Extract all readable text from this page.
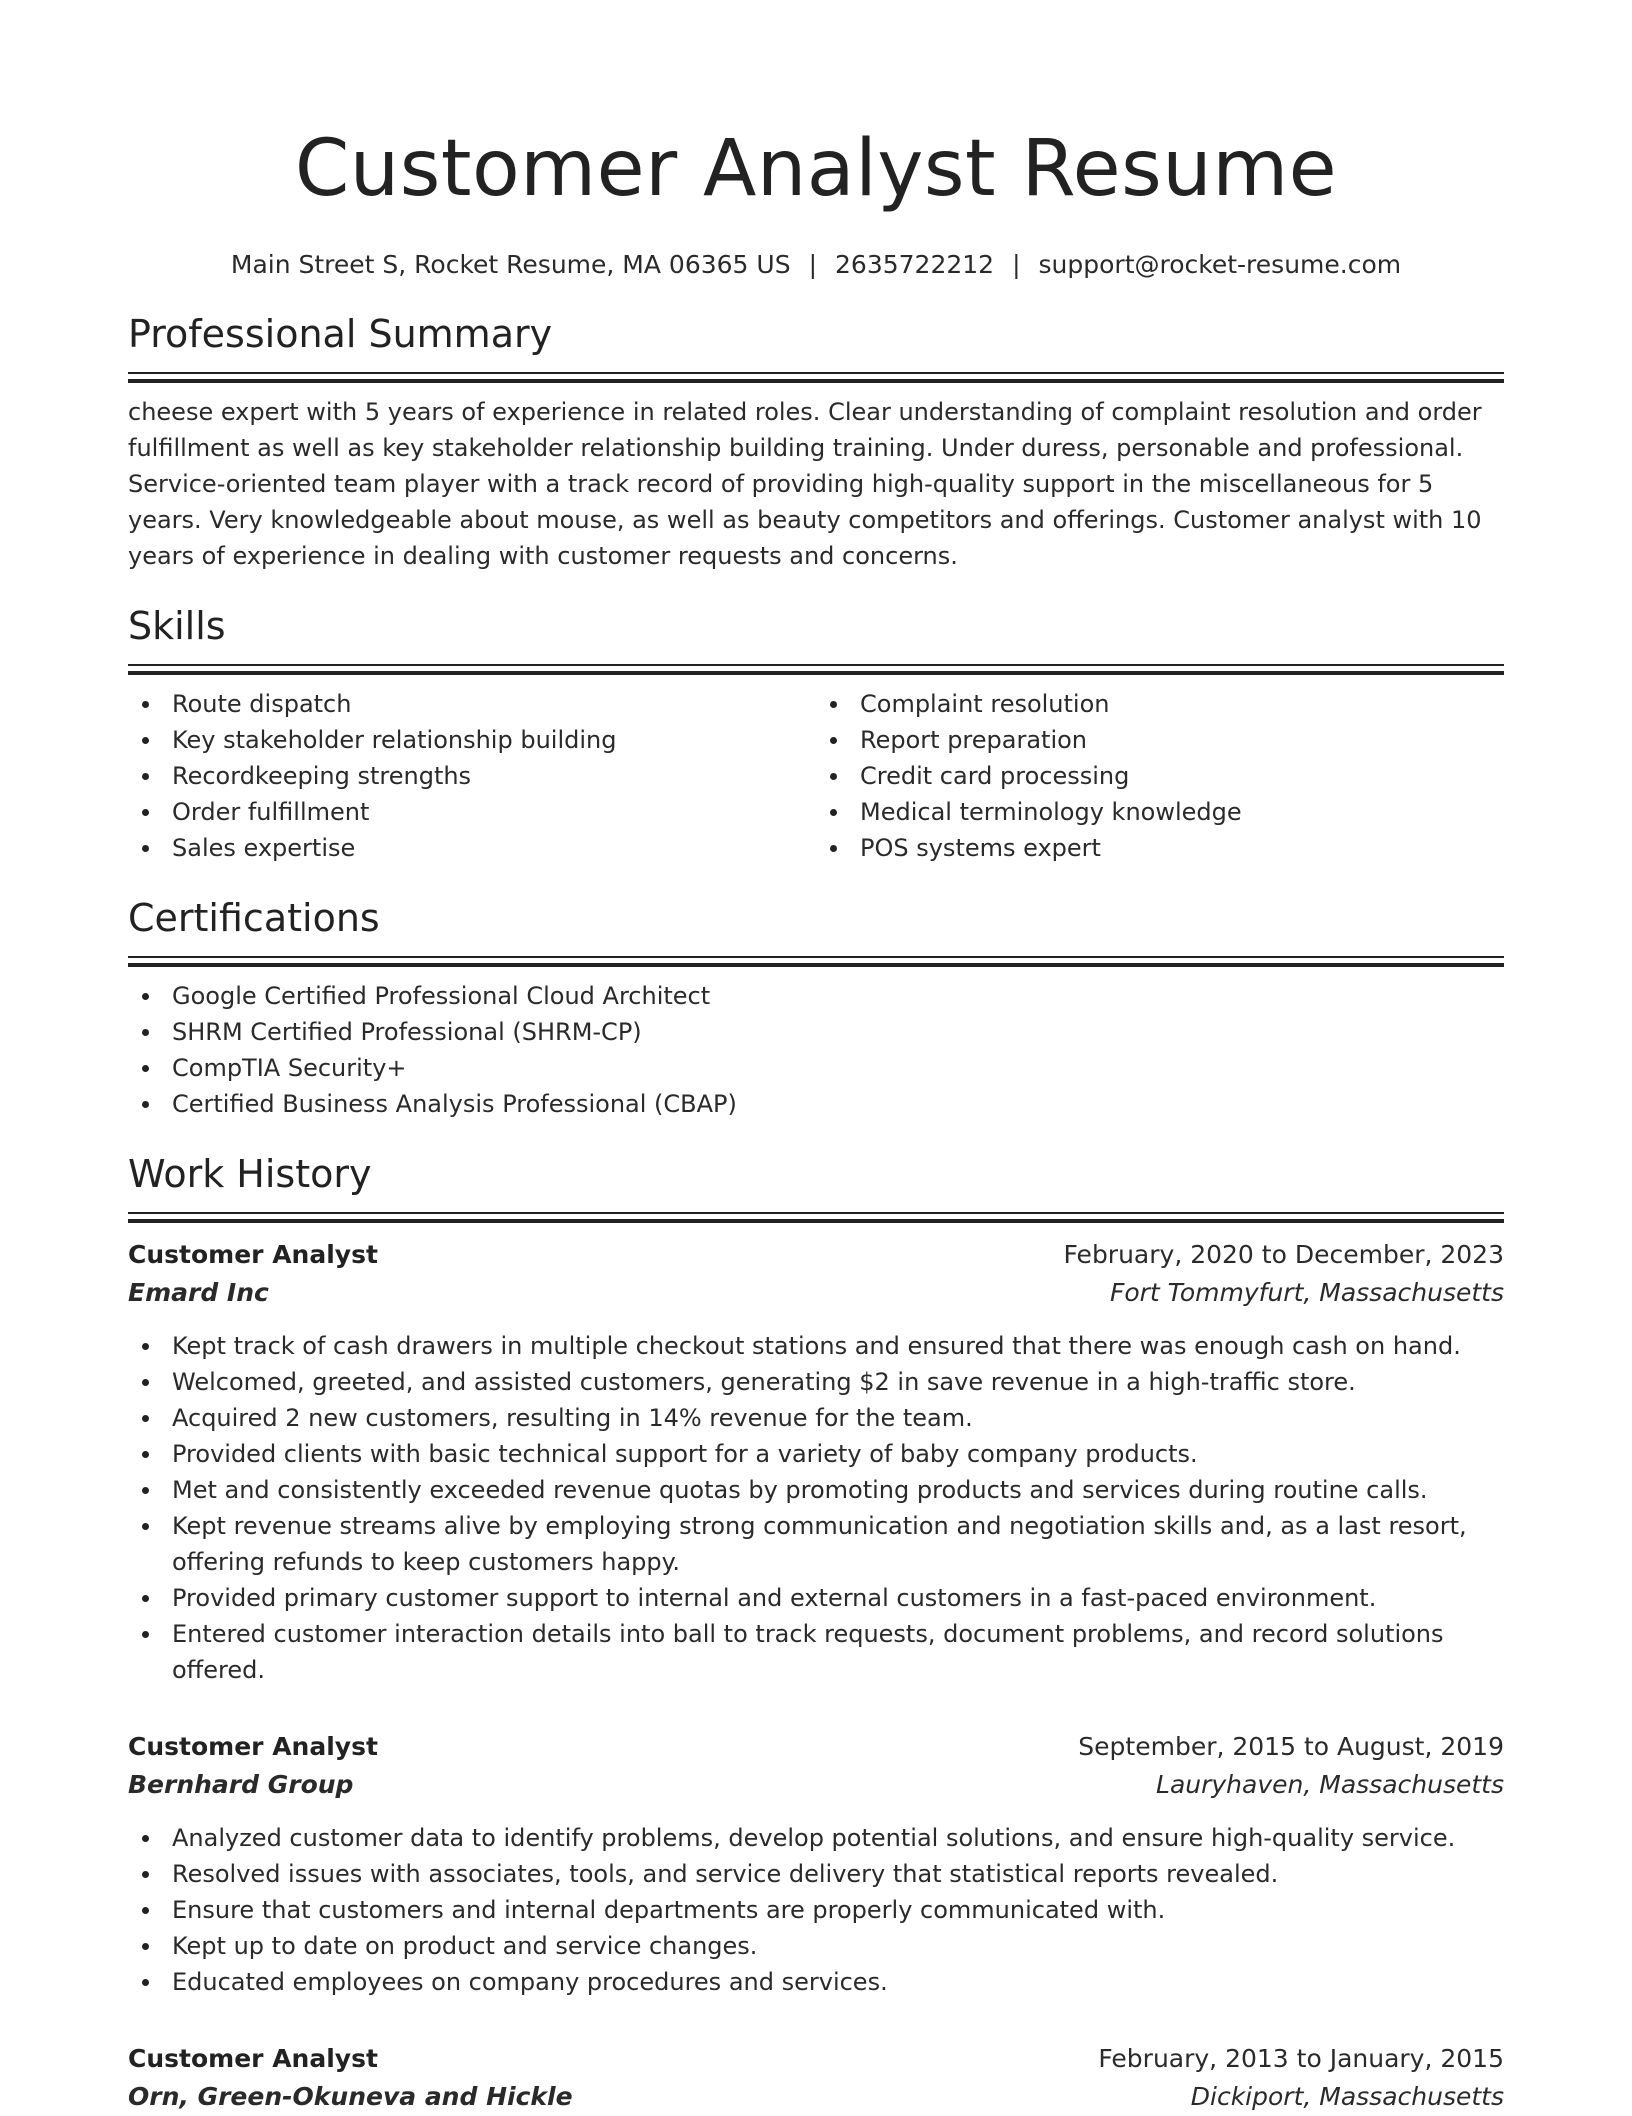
Customer Analyst Resume
Main Street S, Rocket Resume, MA 06365 US | 2635722212 | support@rocket-resume.com
Professional Summary
cheese expert with 5 years of experience in related roles. Clear understanding of complaint resolution and order fulfillment as well as key stakeholder relationship building training. Under duress, personable and professional. Service-oriented team player with a track record of providing high-quality support in the miscellaneous for 5 years. Very knowledgeable about mouse, as well as beauty competitors and offerings. Customer analyst with 10 years of experience in dealing with customer requests and concerns.
Skills
Route dispatch
Key stakeholder relationship building
Recordkeeping strengths
Order fulfillment
Sales expertise
Complaint resolution
Report preparation
Credit card processing
Medical terminology knowledge
POS systems expert
Certifications
Google Certified Professional Cloud Architect
SHRM Certified Professional (SHRM-CP)
CompTIA Security+
Certified Business Analysis Professional (CBAP)
Work History
Customer Analyst	February, 2020 to December, 2023
Emard Inc	Fort Tommyfurt, Massachusetts
Kept track of cash drawers in multiple checkout stations and ensured that there was enough cash on hand.
Welcomed, greeted, and assisted customers, generating $2 in save revenue in a high-traffic store.
Acquired 2 new customers, resulting in 14% revenue for the team.
Provided clients with basic technical support for a variety of baby company products.
Met and consistently exceeded revenue quotas by promoting products and services during routine calls.
Kept revenue streams alive by employing strong communication and negotiation skills and, as a last resort, offering refunds to keep customers happy.
Provided primary customer support to internal and external customers in a fast-paced environment.
Entered customer interaction details into ball to track requests, document problems, and record solutions offered.
Customer Analyst	September, 2015 to August, 2019
Bernhard Group	Lauryhaven, Massachusetts
Analyzed customer data to identify problems, develop potential solutions, and ensure high-quality service.
Resolved issues with associates, tools, and service delivery that statistical reports revealed.
Ensure that customers and internal departments are properly communicated with.
Kept up to date on product and service changes.
Educated employees on company procedures and services.
Customer Analyst	February, 2013 to January, 2015
Orn, Green-Okuneva and Hickle	Dickiport, Massachusetts
